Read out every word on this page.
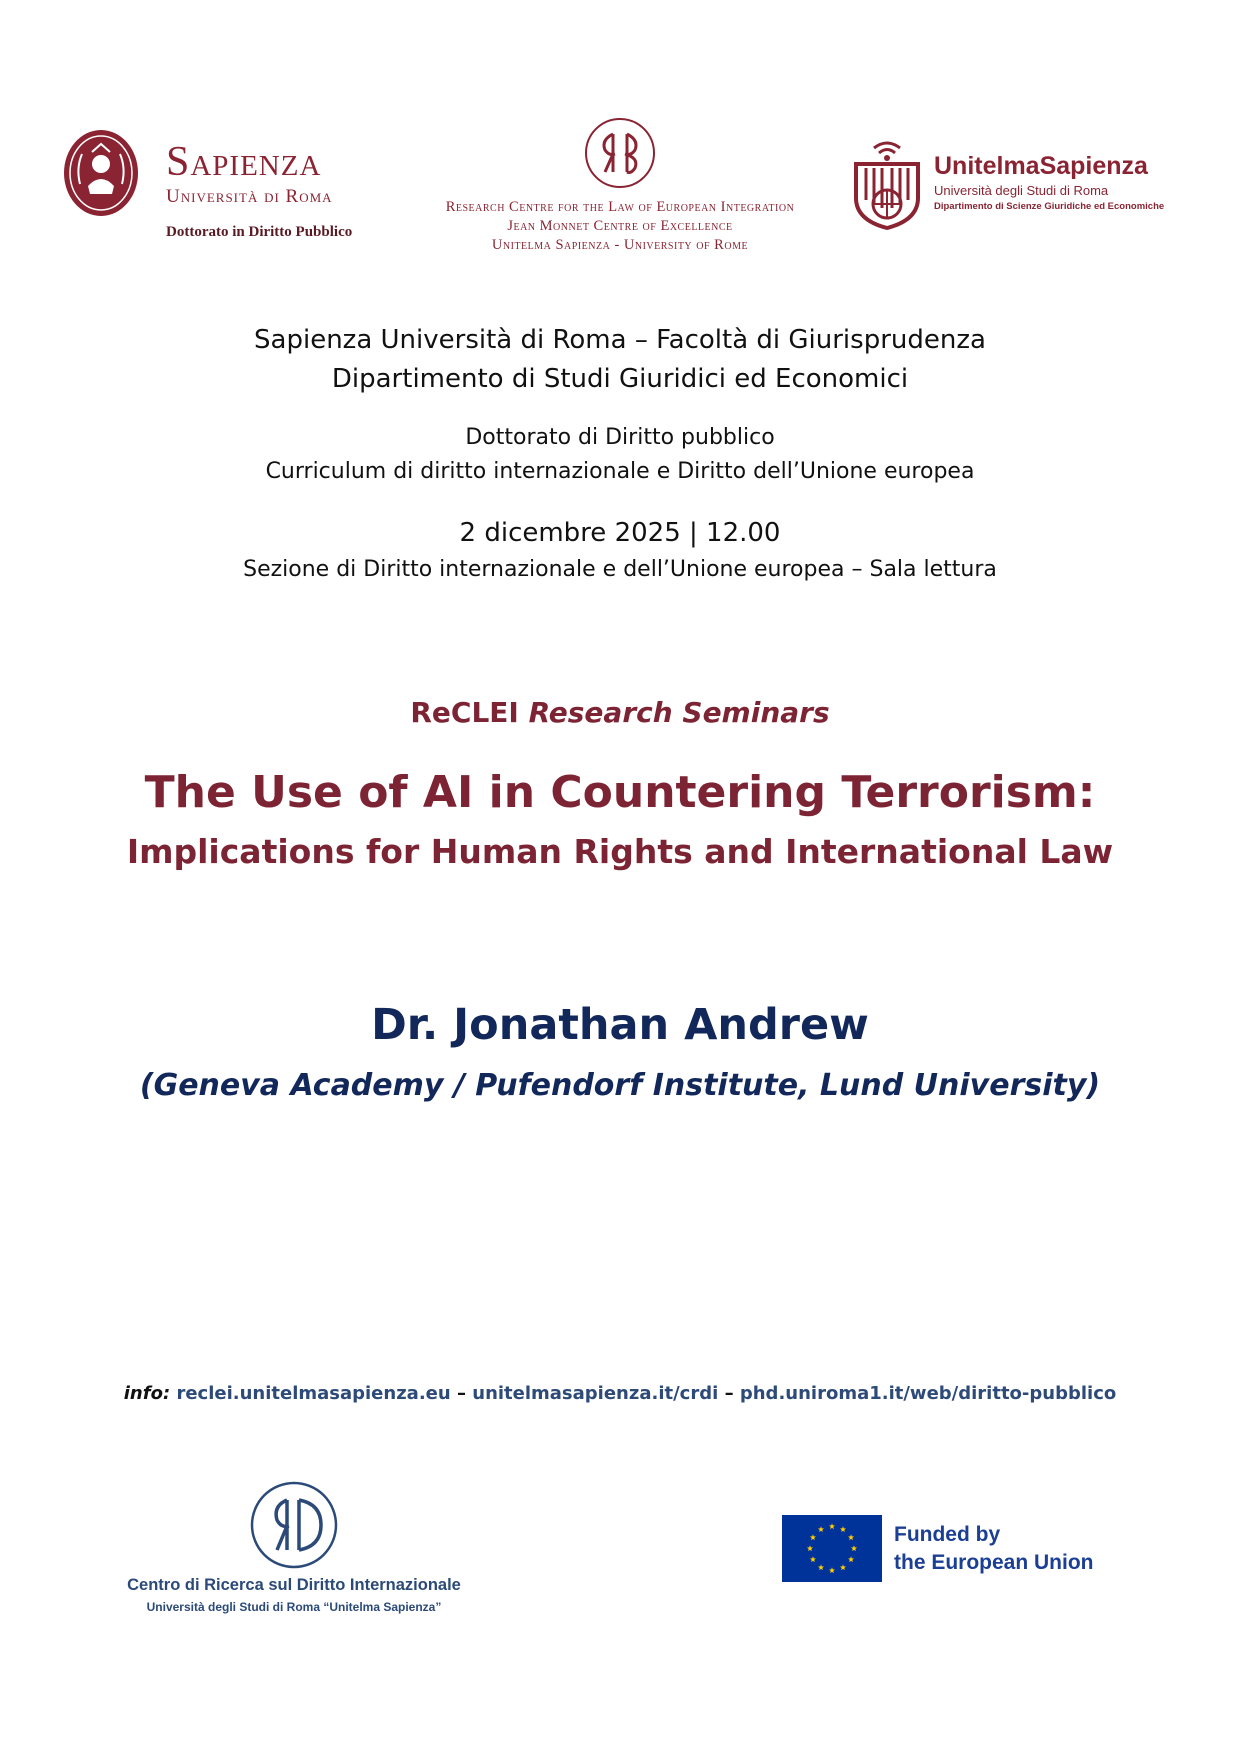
Sapienza
Università di Roma
Dottorato in Diritto Pubblico
Research Centre for the Law of European Integration
Jean Monnet Centre of Excellence
Unitelma Sapienza - University of Rome
UnitelmaSapienza
Università degli Studi di Roma
Dipartimento di Scienze Giuridiche ed Economiche
Sapienza Università di Roma – Facoltà di Giurisprudenza
Dipartimento di Studi Giuridici ed Economici
Dottorato di Diritto pubblico
Curriculum di diritto internazionale e Diritto dell’Unione europea
2 dicembre 2025 | 12.00
Sezione di Diritto internazionale e dell’Unione europea – Sala lettura
ReCLEI Research Seminars
The Use of AI in Countering Terrorism:
Implications for Human Rights and International Law
Dr. Jonathan Andrew
(Geneva Academy / Pufendorf Institute, Lund University)
info: reclei.unitelmasapienza.eu – unitelmasapienza.it/crdi – phd.uniroma1.it/web/diritto-pubblico
Centro di Ricerca sul Diritto Internazionale
Università degli Studi di Roma “Unitelma Sapienza”
Funded by
the European Union
